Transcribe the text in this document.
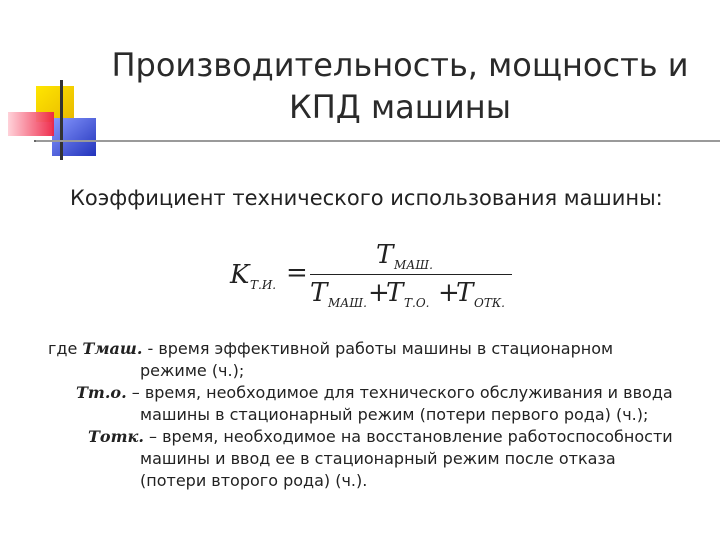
Производительность, мощность и
КПД машины
Коэффициент технического использования машины:
K Т.И. =
T МАШ.
T МАШ. +
T Т.О. +
T ОТК.
где Тмаш. - время эффективной работы машины в стационарном
режиме (ч.);
Тт.о. – время, необходимое для технического обслуживания и ввода
машины в стационарный режим (потери первого рода) (ч.);
Тотк. – время, необходимое на восстановление работоспособности
машины и ввод ее в стационарный режим после отказа
(потери второго рода) (ч.).
